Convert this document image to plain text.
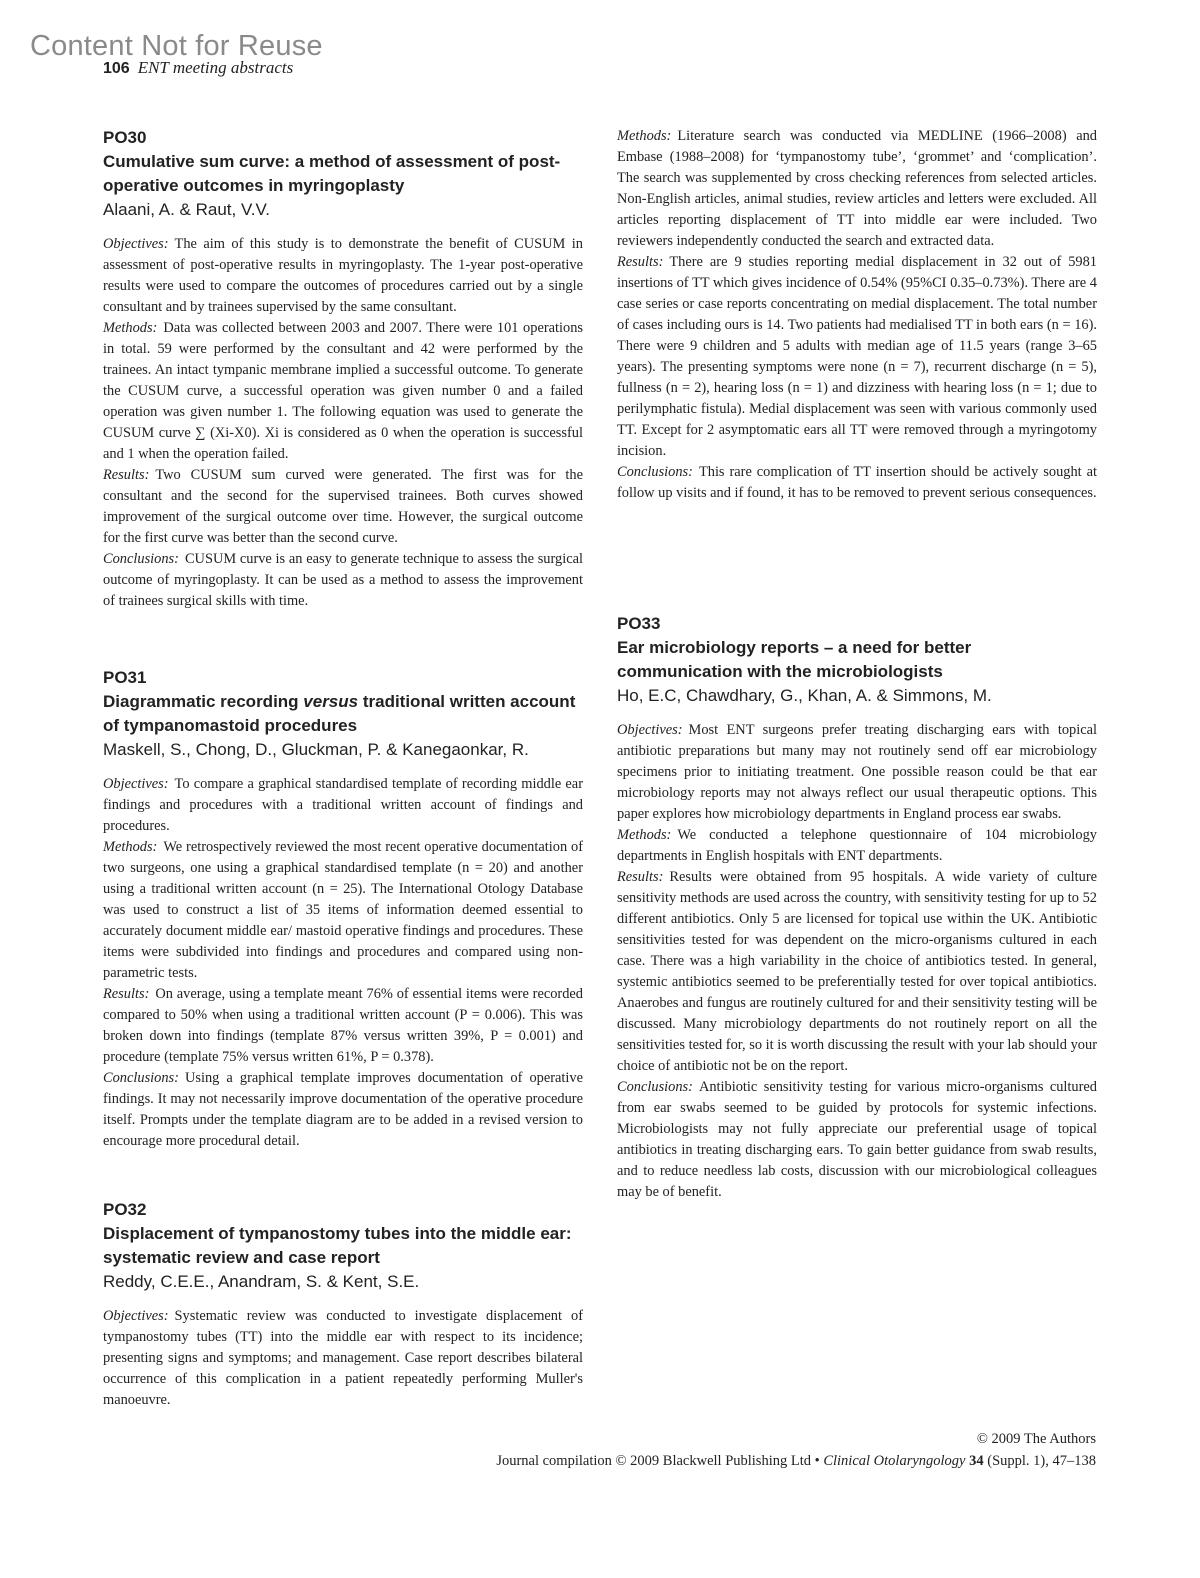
Content Not for Reuse
106 ENT meeting abstracts

PO30

Cumulative sum curve: a method of assessment of post-operative outcomes in myringoplasty

Alaani, A. & Raut, V.V.

Objectives: The aim of this study is to demonstrate the benefit of CUSUM in assessment of post-operative results in myringoplasty. The 1-year post-operative results were used to compare the outcomes of procedures carried out by a single consultant and by trainees supervised by the same consultant.

Methods: Data was collected between 2003 and 2007. There were 101 operations in total. 59 were performed by the consultant and 42 were performed by the trainees. An intact tympanic membrane implied a successful outcome. To generate the CUSUM curve, a successful operation was given number 0 and a failed operation was given number 1. The following equation was used to generate the CUSUM curve ∑ (Xi-X0). Xi is considered as 0 when the operation is successful and 1 when the operation failed.

Results: Two CUSUM sum curved were generated. The first was for the consultant and the second for the supervised trainees. Both curves showed improvement of the surgical outcome over time. However, the surgical outcome for the first curve was better than the second curve.

Conclusions: CUSUM curve is an easy to generate technique to assess the surgical outcome of myringoplasty. It can be used as a method to assess the improvement of trainees surgical skills with time.

PO31

Diagrammatic recording versus traditional written account of tympanomastoid procedures

Maskell, S., Chong, D., Gluckman, P. & Kanegaonkar, R.

Objectives: To compare a graphical standardised template of recording middle ear findings and procedures with a traditional written account of findings and procedures.

Methods: We retrospectively reviewed the most recent operative documentation of two surgeons, one using a graphical standardised template (n = 20) and another using a traditional written account (n = 25). The International Otology Database was used to construct a list of 35 items of information deemed essential to accurately document middle ear/ mastoid operative findings and procedures. These items were subdivided into findings and procedures and compared using non-parametric tests.

Results: On average, using a template meant 76% of essential items were recorded compared to 50% when using a traditional written account (P = 0.006). This was broken down into findings (template 87% versus written 39%, P = 0.001) and procedure (template 75% versus written 61%, P = 0.378).

Conclusions: Using a graphical template improves documentation of operative findings. It may not necessarily improve documentation of the operative procedure itself. Prompts under the template diagram are to be added in a revised version to encourage more procedural detail.

PO32

Displacement of tympanostomy tubes into the middle ear: systematic review and case report

Reddy, C.E.E., Anandram, S. & Kent, S.E.

Objectives: Systematic review was conducted to investigate displacement of tympanostomy tubes (TT) into the middle ear with respect to its incidence; presenting signs and symptoms; and management. Case report describes bilateral occurrence of this complication in a patient repeatedly performing Muller's manoeuvre.

Methods: Literature search was conducted via MEDLINE (1966–2008) and Embase (1988–2008) for ‘tympanostomy tube’, ‘grommet’ and ‘complication’. The search was supplemented by cross checking references from selected articles. Non-English articles, animal studies, review articles and letters were excluded. All articles reporting displacement of TT into middle ear were included. Two reviewers independently conducted the search and extracted data.

Results: There are 9 studies reporting medial displacement in 32 out of 5981 insertions of TT which gives incidence of 0.54% (95%CI 0.35–0.73%). There are 4 case series or case reports concentrating on medial displacement. The total number of cases including ours is 14. Two patients had medialised TT in both ears (n = 16). There were 9 children and 5 adults with median age of 11.5 years (range 3–65 years). The presenting symptoms were none (n = 7), recurrent discharge (n = 5), fullness (n = 2), hearing loss (n = 1) and dizziness with hearing loss (n = 1; due to perilymphatic fistula). Medial displacement was seen with various commonly used TT. Except for 2 asymptomatic ears all TT were removed through a myringotomy incision.

Conclusions: This rare complication of TT insertion should be actively sought at follow up visits and if found, it has to be removed to prevent serious consequences.

PO33

Ear microbiology reports – a need for better communication with the microbiologists

Ho, E.C, Chawdhary, G., Khan, A. & Simmons, M.

Objectives: Most ENT surgeons prefer treating discharging ears with topical antibiotic preparations but many may not routinely send off ear microbiology specimens prior to initiating treatment. One possible reason could be that ear microbiology reports may not always reflect our usual therapeutic options. This paper explores how microbiology departments in England process ear swabs.

Methods: We conducted a telephone questionnaire of 104 microbiology departments in English hospitals with ENT departments.

Results: Results were obtained from 95 hospitals. A wide variety of culture sensitivity methods are used across the country, with sensitivity testing for up to 52 different antibiotics. Only 5 are licensed for topical use within the UK. Antibiotic sensitivities tested for was dependent on the micro-organisms cultured in each case. There was a high variability in the choice of antibiotics tested. In general, systemic antibiotics seemed to be preferentially tested for over topical antibiotics. Anaerobes and fungus are routinely cultured for and their sensitivity testing will be discussed. Many microbiology departments do not routinely report on all the sensitivities tested for, so it is worth discussing the result with your lab should your choice of antibiotic not be on the report.

Conclusions: Antibiotic sensitivity testing for various micro-organisms cultured from ear swabs seemed to be guided by protocols for systemic infections. Microbiologists may not fully appreciate our preferential usage of topical antibiotics in treating discharging ears. To gain better guidance from swab results, and to reduce needless lab costs, discussion with our microbiological colleagues may be of benefit.

© 2009 The Authors
Journal compilation © 2009 Blackwell Publishing Ltd • Clinical Otolaryngology 34 (Suppl. 1), 47–138
